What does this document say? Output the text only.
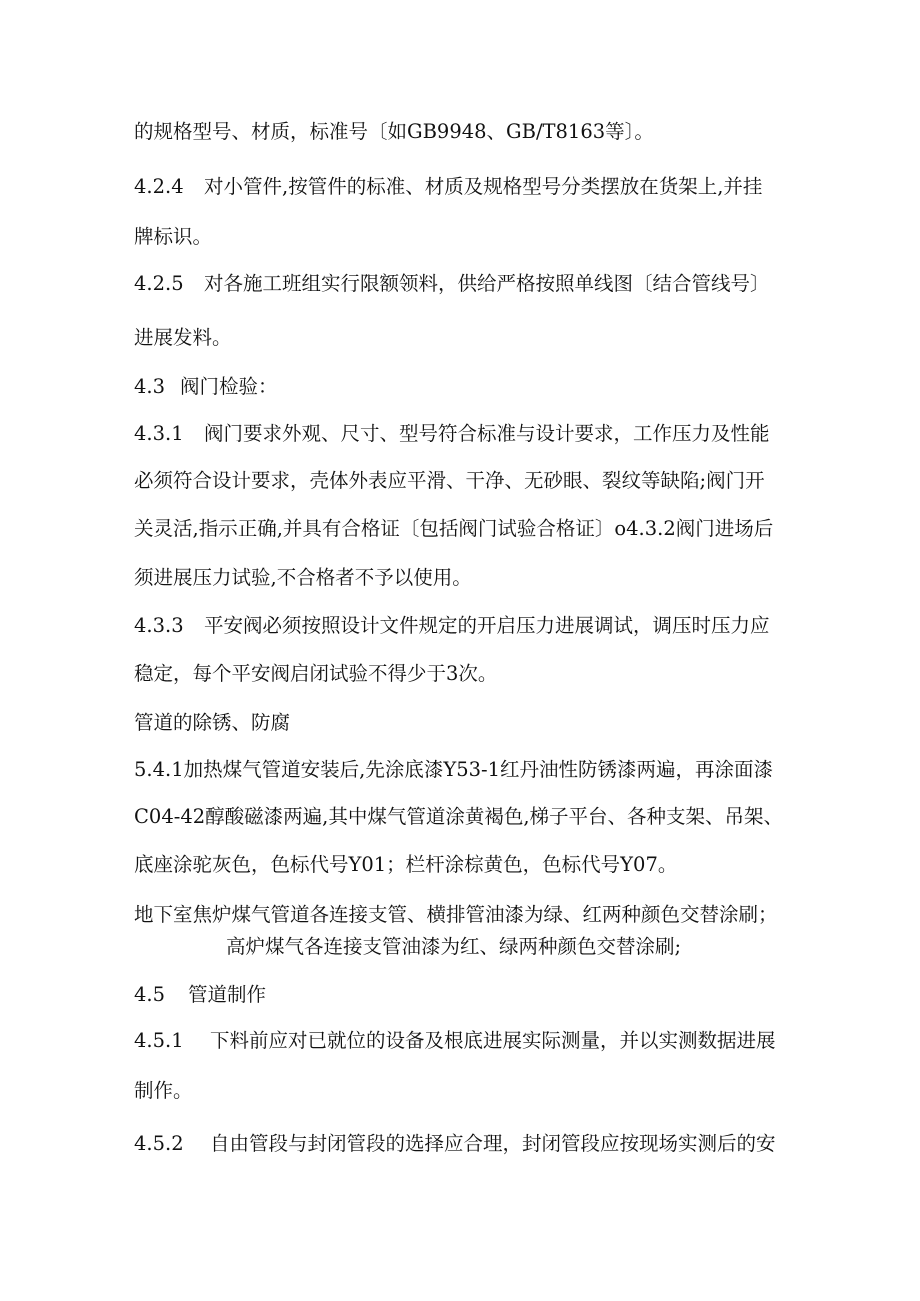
的规格型号、材质，标准号〔如GB9948、GB/T8163等〕。
4.2.4 对小管件,按管件的标准、材质及规格型号分类摆放在货架上,并挂
牌标识。
4.2.5 对各施工班组实行限额领料，供给严格按照单线图〔结合管线号〕
进展发料。
4.3 阀门检验：
4.3.1 阀门要求外观、尺寸、型号符合标准与设计要求，工作压力及性能
必须符合设计要求，壳体外表应平滑、干净、无砂眼、裂纹等缺陷;阀门开
关灵活,指示正确,并具有合格证〔包括阀门试验合格证〕o4.3.2阀门进场后
须进展压力试验,不合格者不予以使用。
4.3.3 平安阀必须按照设计文件规定的开启压力进展调试，调压时压力应
稳定，每个平安阀启闭试验不得少于3次。
管道的除锈、防腐
5.4.1加热煤气管道安装后,先涂底漆Y53-1红丹油性防锈漆两遍，再涂面漆
C04-42醇酸磁漆两遍,其中煤气管道涂黄褐色,梯子平台、各种支架、吊架、
底座涂驼灰色，色标代号Y01；栏杆涂棕黄色，色标代号Y07。
地下室焦炉煤气管道各连接支管、横排管油漆为绿、红两种颜色交替涂刷；
高炉煤气各连接支管油漆为红、绿两种颜色交替涂刷;
4.5 管道制作
4.5.1 下料前应对已就位的设备及根底进展实际测量，并以实测数据进展
制作。
4.5.2 自由管段与封闭管段的选择应合理，封闭管段应按现场实测后的安
